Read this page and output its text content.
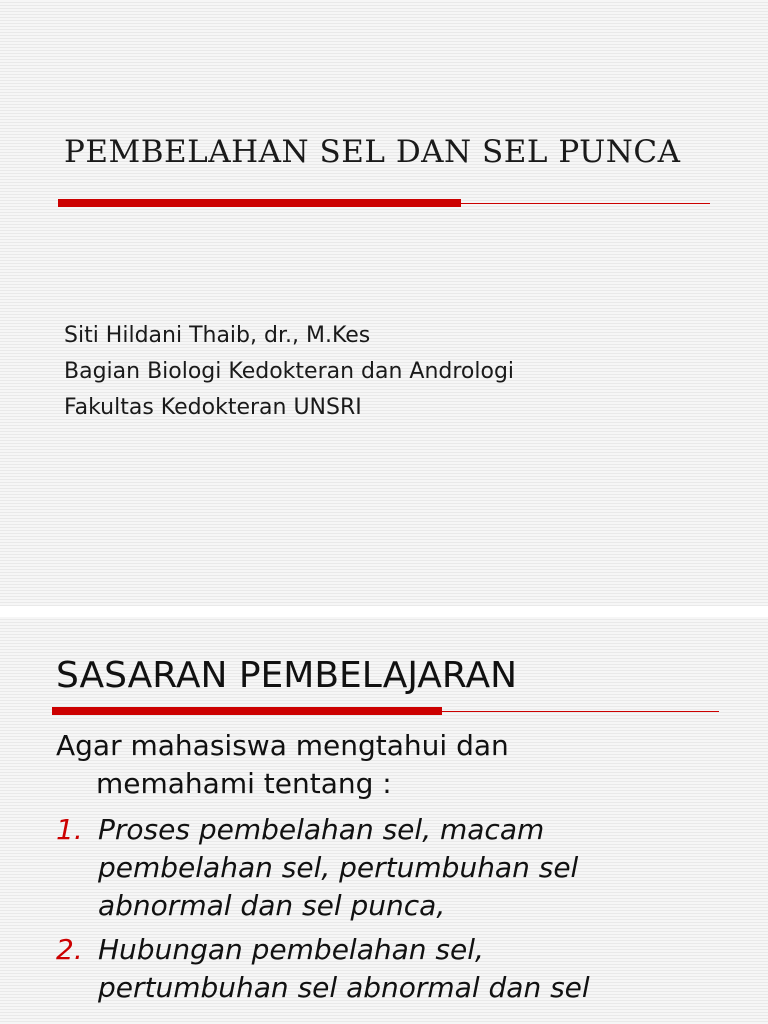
PEMBELAHAN SEL DAN SEL PUNCA
Siti Hildani Thaib, dr., M.Kes
Bagian Biologi Kedokteran dan Andrologi
Fakultas Kedokteran UNSRI
SASARAN PEMBELAJARAN
Agar mahasiswa mengtahui dan
memahami tentang :
1. Proses pembelahan sel, macam
pembelahan sel, pertumbuhan sel
abnormal dan sel punca,
2. Hubungan pembelahan sel,
pertumbuhan sel abnormal dan sel
